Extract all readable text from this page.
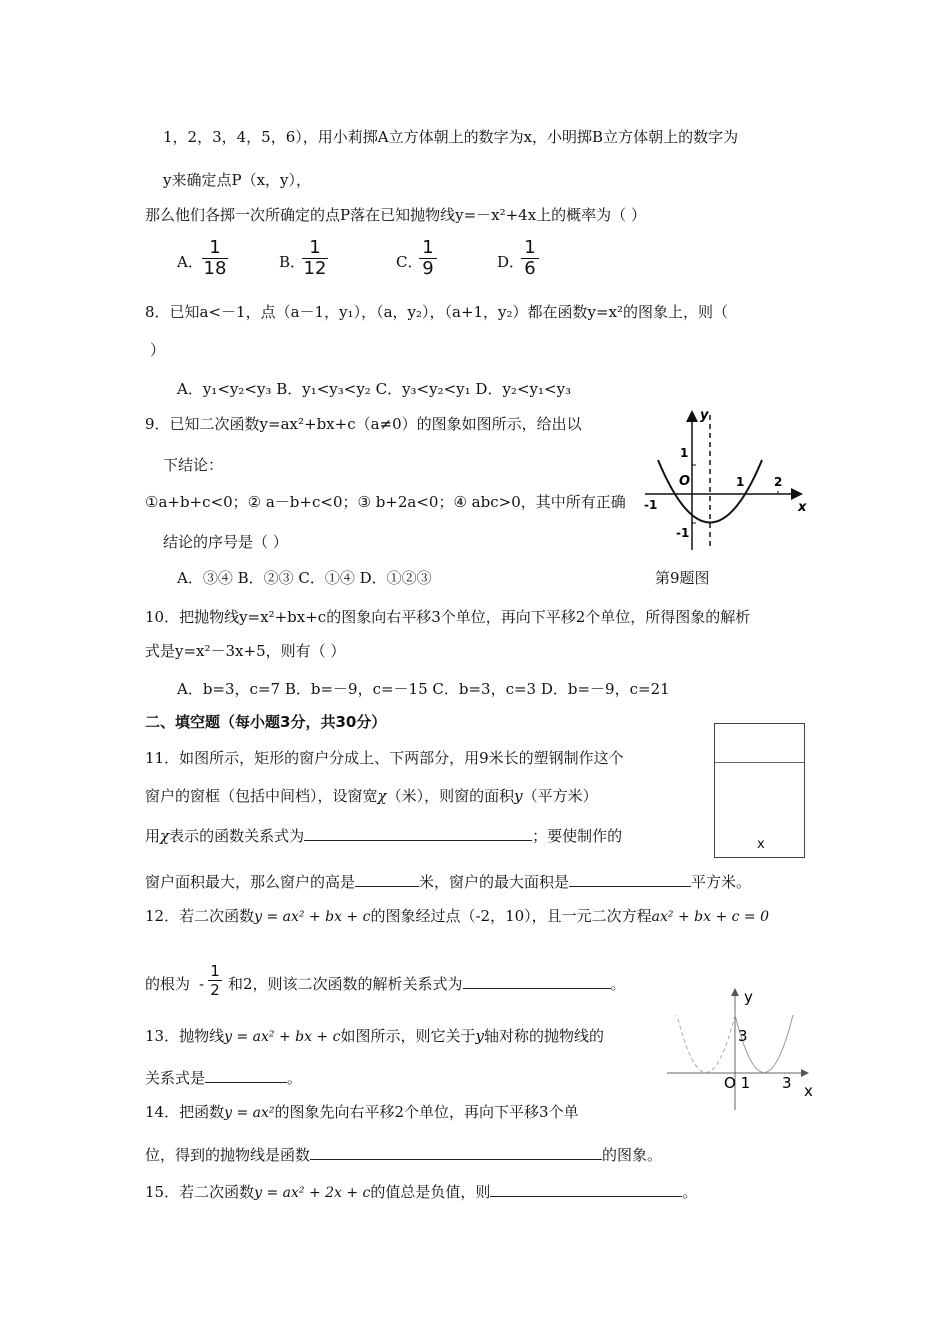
1，2，3，4，5，6），用小莉掷A立方体朝上的数字为x，小明掷B立方体朝上的数字为
y来确定点P（x，y），
那么他们各掷一次所确定的点P落在已知抛物线y=－x²+4x上的概率为（ ）
A． $\frac{1}{18}$	B．
$\frac{1}{12}$	C．
$\frac{1}{9}$	D．
$\frac{1}{6}$
8．已知a<－1，点（a－1，y₁），（a，y₂），（a+1，y₂）都在函数y=x²的图象上，则（
）
A．y₁<y₂<y₃ B．y₁<y₃<y₂ C．y₃<y₂<y₁ D．y₂<y₁<y₃
9．已知二次函数y=ax²+bx+c（a≠0）的图象如图所示，给出以
下结论：
①a+b+c<0；② a－b+c<0；③ b+2a<0；④ abc>0，其中所有正确
结论的序号是（ ）
A．③④ B．②③ C．①④ D．①②③	第9题图
y
x
O
1
-1
1 2
-1
10．把抛物线y=x²+bx+c的图象向右平移3个单位，再向下平移2个单位，所得图象的解析
式是y=x²－3x+5，则有（ ）
A．b=3，c=7 B．b=－9，c=－15 C．b=3，c=3 D．b=－9，c=21
二、填空题（每小题3分，共30分）
x
11．如图所示，矩形的窗户分成上、下两部分，用9米长的塑钢制作这个
窗户的窗框（包括中间档），设窗宽χ（米），则窗的面积y（平方米）
用χ表示的函数关系式为	；要使制作的
窗户面积最大，那么窗户的高是	米，窗户的最大面积是	平方米。
12．若二次函数y = ax² + bx + c的图象经过点（-2，10），且一元二次方程ax² + bx + c = 0
的根为 - $\frac{1}{2}$ 和2，则该二次函数的解析关系式为	。
13．抛物线y = ax² + bx + c如图所示，则它关于y轴对称的抛物线的
关系式是	。
y
x
3
O 1 3
14．把函数y = ax²的图象先向右平移2个单位，再向下平移3个单
位，得到的抛物线是函数	的图象。
15．若二次函数y = ax² + 2x + c的值总是负值，则	。
